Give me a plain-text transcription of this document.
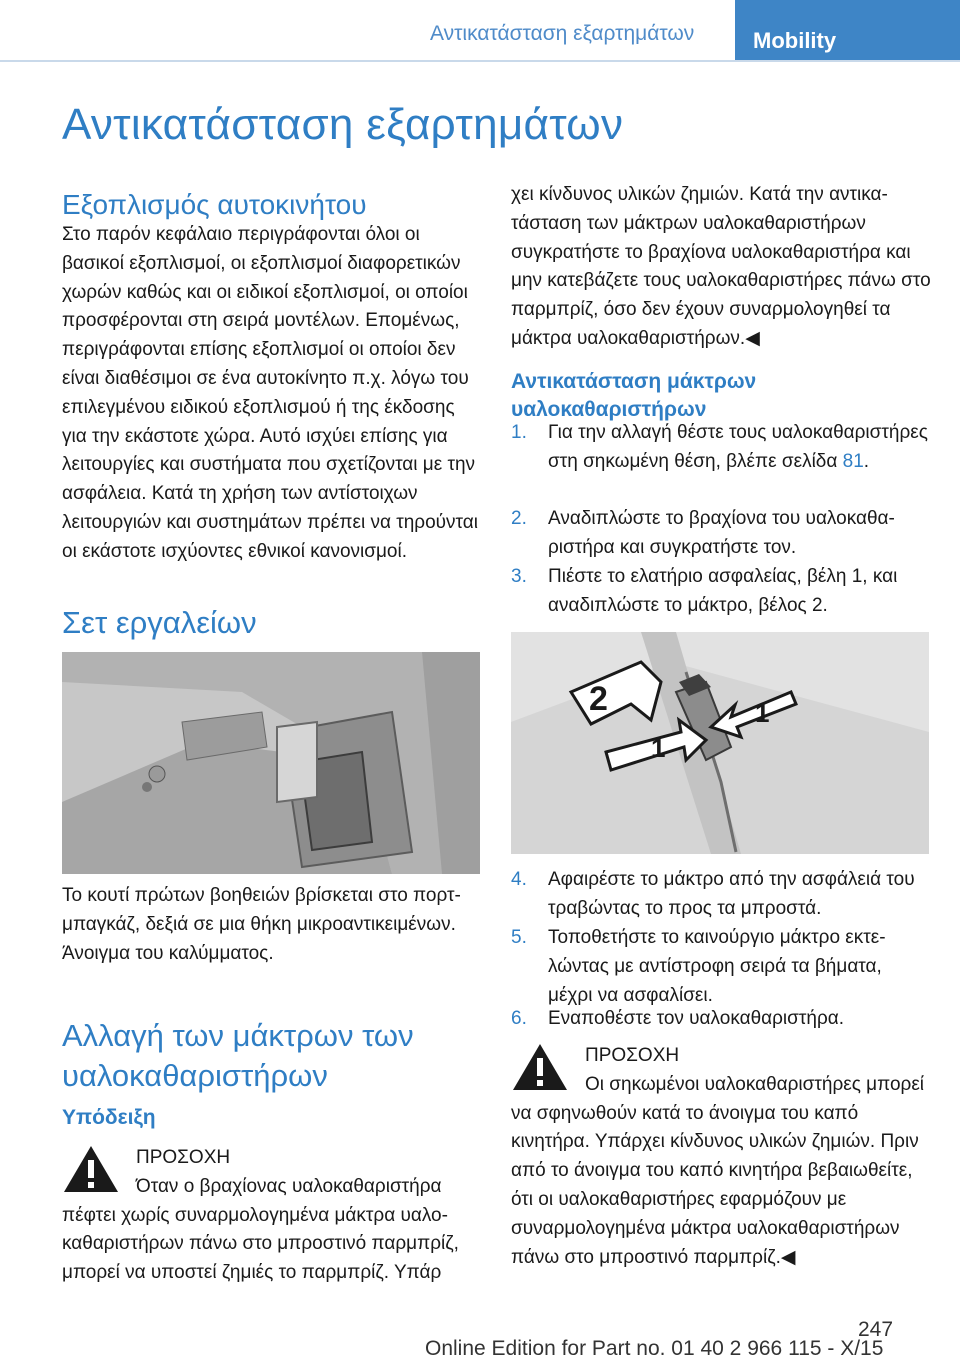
Αντικατάσταση εξαρτημάτων	Mobility
Αντικατάσταση εξαρτημάτων
Εξοπλισμός αυτοκινήτου

Στο παρόν κεφάλαιο περιγράφονται όλοι οι βασικοί εξοπλισμοί, οι εξοπλισμοί διαφορετικών χωρών καθώς και οι ειδικοί εξοπλισμοί, οι οποίοι προσφέρονται στη σειρά μοντέλων. Επομένως, περιγράφονται επίσης εξοπλισμοί οι οποίοι δεν είναι διαθέσιμοι σε ένα αυτοκίνητο π.χ. λόγω του επιλεγμένου ειδικού εξοπλισμού ή της έκδοσης για την εκάστοτε χώρα. Αυτό ισχύει επίσης για λειτουργίες και συστήματα που σχετίζονται με την ασφάλεια. Κατά τη χρήση των αντίστοιχων λειτουργιών και συστημάτων πρέπει να τηρούνται οι εκάστοτε ισχύοντες εθνικοί κανονισμοί.

Σετ εργαλείων

Το κουτί πρώτων βοηθειών βρίσκεται στο πορτ-μπαγκάζ, δεξιά σε μια θήκη μικροαντικειμένων. Άνοιγμα του καλύμματος.

Αλλαγή των μάκτρων των υαλοκαθαριστήρων
Υπόδειξη
ΠΡΟΣΟΧΗ

Όταν ο βραχίονας υαλοκαθαριστήρα πέφτει χωρίς συναρμολογημένα μάκτρα υαλοκαθαριστήρων πάνω στο μπροστινό παρμπρίζ, μπορεί να υποστεί ζημιές το παρμπρίζ. Υπάρ

χει κίνδυνος υλικών ζημιών. Κατά την αντικατάσταση των μάκτρων υαλοκαθαριστήρων συγκρατήστε το βραχίονα υαλοκαθαριστήρα και μην κατεβάζετε τους υαλοκαθαριστήρες πάνω στο παρμπρίζ, όσο δεν έχουν συναρμολογηθεί τα μάκτρα υαλοκαθαριστήρων.◀

Αντικατάσταση μάκτρων υαλοκαθαριστήρων
1. Για την αλλαγή θέστε τους υαλοκαθαριστήρες στη σηκωμένη θέση, βλέπε σελίδα 81.
2. Αναδιπλώστε το βραχίονα του υαλοκαθαριστήρα και συγκρατήστε τον.
3. Πιέστε το ελατήριο ασφαλείας, βέλη 1, και αναδιπλώστε το μάκτρο, βέλος 2.
2
1
1
4. Αφαιρέστε το μάκτρο από την ασφάλειά του τραβώντας το προς τα μπροστά.
5. Τοποθετήστε το καινούργιο μάκτρο εκτελώντας με αντίστροφη σειρά τα βήματα, μέχρι να ασφαλίσει.
6. Εναποθέστε τον υαλοκαθαριστήρα.
ΠΡΟΣΟΧΗ

Οι σηκωμένοι υαλοκαθαριστήρες μπορεί να σφηνωθούν κατά το άνοιγμα του καπό κινητήρα. Υπάρχει κίνδυνος υλικών ζημιών. Πριν από το άνοιγμα του καπό κινητήρα βεβαιωθείτε, ότι οι υαλοκαθαριστήρες εφαρμόζουν με συναρμολογημένα μάκτρα υαλοκαθαριστήρων πάνω στο μπροστινό παρμπρίζ.◀

247
Online Edition for Part no. 01 40 2 966 115 - X/15
